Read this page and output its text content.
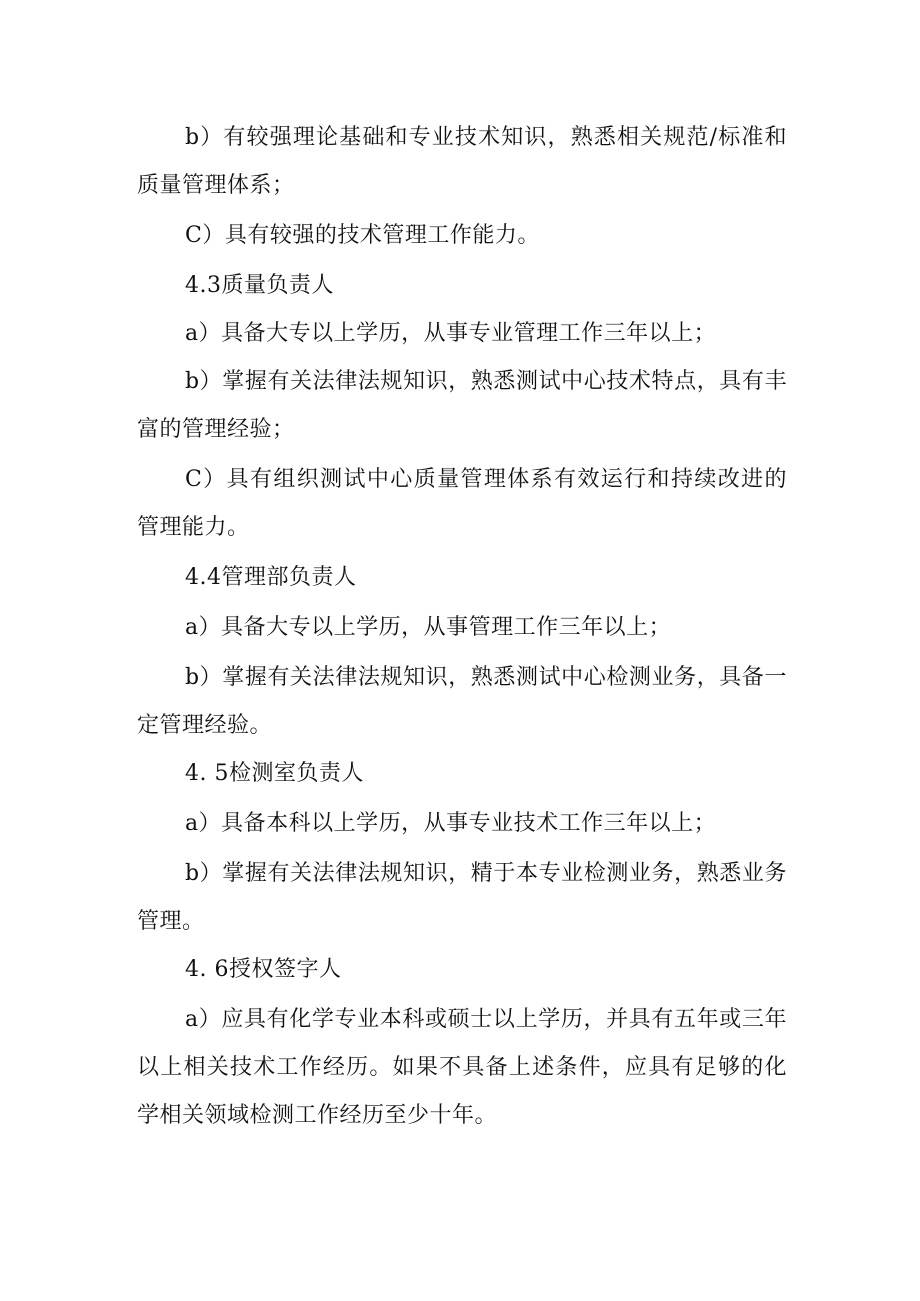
b）有较强理论基础和专业技术知识，熟悉相关规范/标准和质量管理体系；

C）具有较强的技术管理工作能力。

4.3质量负责人

a）具备大专以上学历，从事专业管理工作三年以上；

b）掌握有关法律法规知识，熟悉测试中心技术特点，具有丰富的管理经验；

C）具有组织测试中心质量管理体系有效运行和持续改进的管理能力。

4.4管理部负责人

a）具备大专以上学历，从事管理工作三年以上；

b）掌握有关法律法规知识，熟悉测试中心检测业务，具备一定管理经验。

4. 5检测室负责人

a）具备本科以上学历，从事专业技术工作三年以上；

b）掌握有关法律法规知识，精于本专业检测业务，熟悉业务管理。

4. 6授权签字人

a）应具有化学专业本科或硕士以上学历，并具有五年或三年以上相关技术工作经历。如果不具备上述条件，应具有足够的化学相关领域检测工作经历至少十年。
